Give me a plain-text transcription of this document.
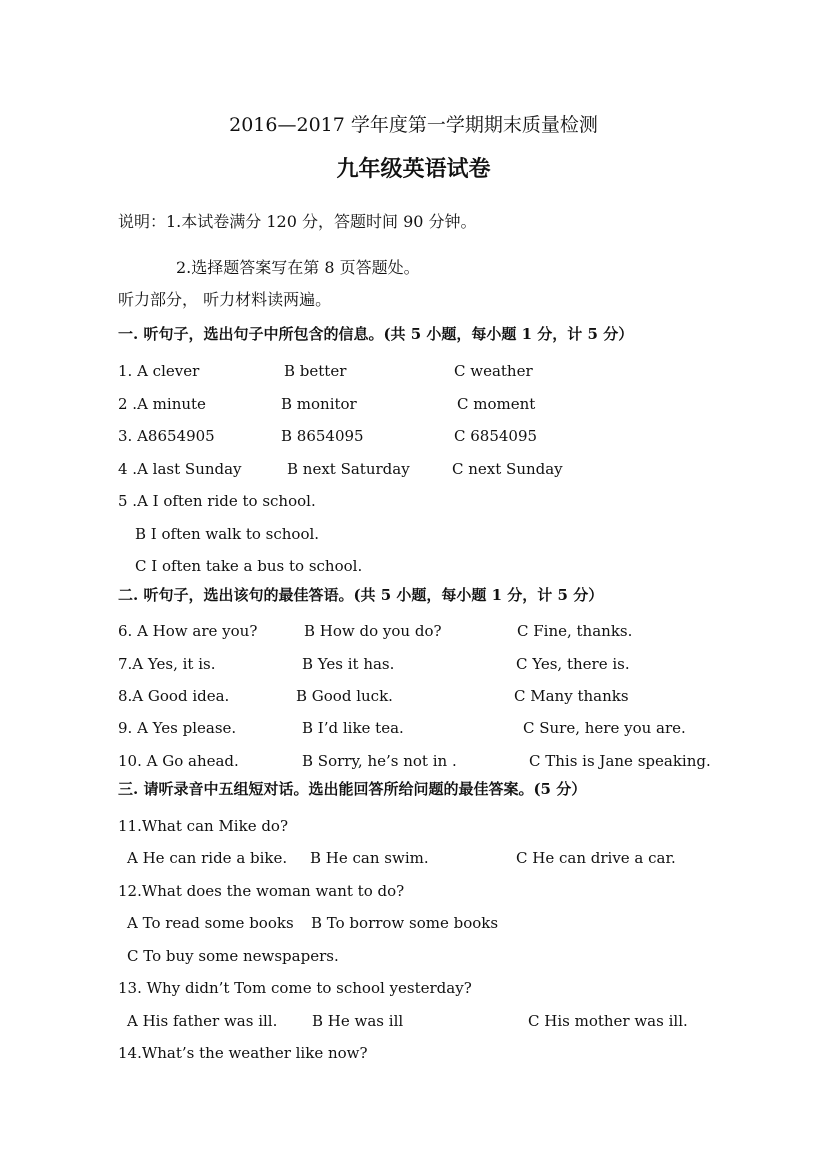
2016—2017 学年度第一学期期末质量检测
九年级英语试卷
说明：1.本试卷满分 120 分，答题时间 90 分钟。
2.选择题答案写在第 8 页答题处。
听力部分， 听力材料读两遍。
一. 听句子，选出句子中所包含的信息。(共 5 小题，每小题 1 分，计 5 分）
1. A clever	B better	C weather
2 .A minute	B monitor	C moment
3. A8654905	B 8654095	C 6854095
4 .A last Sunday	B next Saturday	C next Sunday
5 .A I often ride to school.
B I often walk to school.
C I often take a bus to school.
二. 听句子，选出该句的最佳答语。(共 5 小题，每小题 1 分，计 5 分）
6. A How are you?	B How do you do?	C Fine, thanks.
7.A Yes, it is.	B Yes it has.	C Yes, there is.
8.A Good idea.	B Good luck.	C Many thanks
9. A Yes please.	B I’d like tea.	C Sure, here you are.
10. A Go ahead.	B Sorry, he’s not in .	C This is Jane speaking.
三. 请听录音中五组短对话。选出能回答所给问题的最佳答案。(5 分）
11.What can Mike do?
A He can ride a bike. B He can swim.	C He can drive a car.
12.What does the woman want to do?
A To read some books B To borrow some books
C To buy some newspapers.
13. Why didn’t Tom come to school yesterday?
A His father was ill. B He was ill	C His mother was ill.
14.What’s the weather like now?
